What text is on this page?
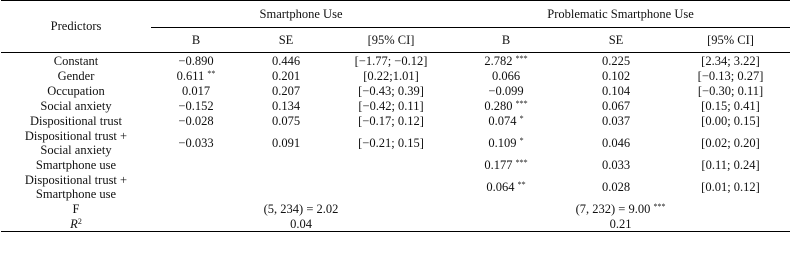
Predictors	Smartphone Use			Problematic Smartphone Use		
	B	SE	[95% CI]	B	SE	[95% CI]
Constant	−0.890	0.446	[−1.77; −0.12]	2.782 ***	0.225	[2.34; 3.22]
Gender	0.611 **	0.201	[0.22;1.01]	0.066	0.102	[−0.13; 0.27]
Occupation	0.017	0.207	[−0.43; 0.39]	−0.099	0.104	[−0.30; 0.11]
Social anxiety	−0.152	0.134	[−0.42; 0.11]	0.280 ***	0.067	[0.15; 0.41]
Dispositional trust	−0.028	0.075	[−0.17; 0.12]	0.074 *	0.037	[0.00; 0.15]

Dispositional trust +
Social anxiety	−0.033	0.091	[−0.21; 0.15]	0.109 *	0.046	[0.02; 0.20]
Smartphone use				0.177 ***	0.033	[0.11; 0.24]

Dispositional trust +
Smartphone use				0.064 **	0.028	[0.01; 0.12]
F	(5, 234) = 2.02			(7, 232) = 9.00 ***
$R^2$	0.04			0.21		
